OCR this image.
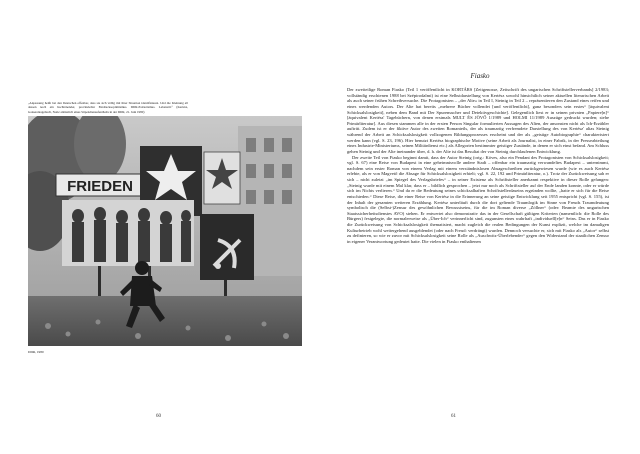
„Anpassung heißt bei den Deutschen offenbar, dass sie sich völlig mit ihrer Situation identifizieren. Und die Kleinung all dessen noch ein hochtönender, provinzieller Eindrucksoptimismus. DDR-Patriotismus. Lebenstil.“ (Kertész, Galeerentagebuch, Notiz anlässlich eines Sitpendienaufenthalts in der DDR, 21. Juni 1980)
FRIEDEN
DDR, 1980
60
Fiasko

Der zweiteilige Roman Fiasko (Teil 1 veröffentlicht in KORTÁRS [Zeitgenosse, Zeitschrift des ungarischen Schriftstellerverbands] 2/1983; vollständig erschienen 1988 bei Szépirodalmi) ist eine Selbstdarstellung von Kertész sowohl hinsichtlich seiner aktuellen literarischen Arbeit als auch seiner frühen Schreibversuche. Die Protagonisten – „der Alte« in Teil I, Steinig in Teil 2 – repräsentieren den Zustand eines reifen und eines werdenden Autors. Der Alte hat bereits „mehrere Bücher vollendet [und veröffentlicht], ganz besonders sein erstes“ [äquivalent Schicksalslosigkeit], neben dem Band mit Der Spurensucher und Detektivgeschichte]. Gelegentlich liest er in seinen privaten „Papiere[n]“ [äquivalent Kertész' Tagebüchern, von denen erstmals MULT ÉS JÖVŐ 1/1989 und HOLMI 11/1989 Auszüge gedruckt wurden; siehe Primärliteratur]. Aus diesen stammen alle in der ersten Person Singular formulierten Aussagen des Alten, der ansonsten nicht als Ich-Erzähler auftritt. Zudem ist er der fiktive Autor des zweiten Romanteils, der als traumartig verfremdete Darstellung des von Kertész' alias Steinig während der Arbeit an Schicksalslosigkeit vollzogenen Bildungsprozesses erscheint und der als „geistige Autobiographie“ charakterisiert werden kann (vgl. S. 23, 196). Hier benutzt Kertész biographische Motive (seine Arbeit als Journalist, in einer Fabrik, in der Presseabteilung eines Industrie-Ministeriums, seinen Militärdienst etc.) als Allegorien bestimmter geistiger Zustände, in denen er sich einst befand. Am Schluss gehen Steinig und der Alte ineinander über, d. h. der Alte ist das Resultat der von Steinig durchlaufenen Entwicklung.

Der zweite Teil von Fiasko beginnt damit, dass der Autor Steinig (orig.: Köves, also ein Pendant des Protagonisten von Schicksalslosigkeit; vgl. S. 67) eine Reise von Budapest in eine geheimnisvolle andere Stadt – offenbar ein traumartig verwandeltes Budapest – unternimmt, nachdem sein erster Roman von einem Verlag mit einem verständnislosen Absageschreiben zurückgewiesen wurde (wie es auch Kertész erlebte, als er von Magvető die Absage für Schicksalslosigkeit erhielt; vgl. S. 22, 192 und Primärliteratur, o.). Trotz der Zurückweisung sah er sich – nicht zuletzt „im Spiegel des Verlagsbriefes“ – in seiner Existenz als Schriftsteller anerkannt respektive in dieser Rolle gefangen: „Steinig wurde mit einem Mal klar, dass er – bildlich gesprochen – jetzt nur noch als Schriftsteller auf der Ende landen konnte, oder er würde sich im Nichts verlieren.“ Und da er die Bedeutung seines schicksalhaften Schriftstellerdaseins ergründen wollte, „hatte er sich für die Reise entschieden.“ Diese Reise, die einer Reise von Kertész in die Erinnerung an seine geistige Entwicklung seit 1955 entspricht (vgl. S. 155), ist der Inhalt der gesamten weiteren Erzählung. Kertész unterläuft durch die dort geltende Traumlogik im Sinne von Freuds Traumdeutung symbolisch die (Selbst-)Zensur des gewöhnlichen Bewusstseins, für die im Roman diverse „Zöllner“ (oder: Beamte des ungarischen Staatssicherheitsdienstes AVO) stehen. Er entwertet also demonstrativ das in der Gesellschaft gültigen Kriterien (namentlich: die Rolle des Bürgers) festgelegte, die normalerweise als „Über-Ich“ verinnerlicht sind, zugunsten eines wahrhaft „individuell[e]n“ Seins. Das er in Fiasko die Zurückweisung von Schicksalslosigkeit thematisiert, macht zugleich die realen Bedingungen der Kunst explizit, welche im damaligen Kulturbetrieb wohl weitergehend ausgeblendet (oder nach Freud: verdrängt) wurden. Dennoch versuchte er, sich mit Fiasko als „Autor“ selbst zu definieren, so wie er zuvor mit Schicksalslosigkeit seine Rolle als „Auschwitz-Überlebender“ gegen den Widerstand der staatlichen Zensur in eigener Verantwortung gedeutet hatte. Die vielen in Fiasko enthaltenen

61
